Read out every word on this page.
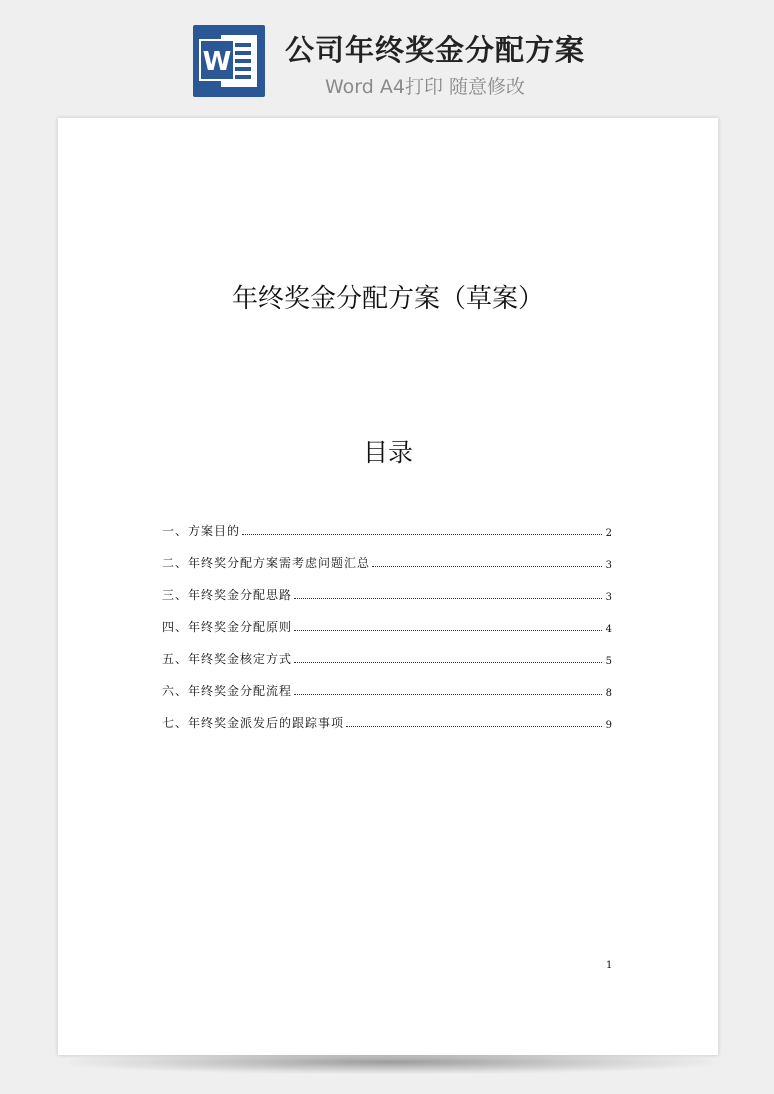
W 公司年终奖金分配方案
Word A4打印 随意修改
​
年终奖金分配方案（草案）
目录
一、方案目的	2
二、年终奖分配方案需考虑问题汇总	3
三、年终奖金分配思路	3
四、年终奖金分配原则	4
五、年终奖金核定方式	5
六、年终奖金分配流程	8
七、年终奖金派发后的跟踪事项	9
1
